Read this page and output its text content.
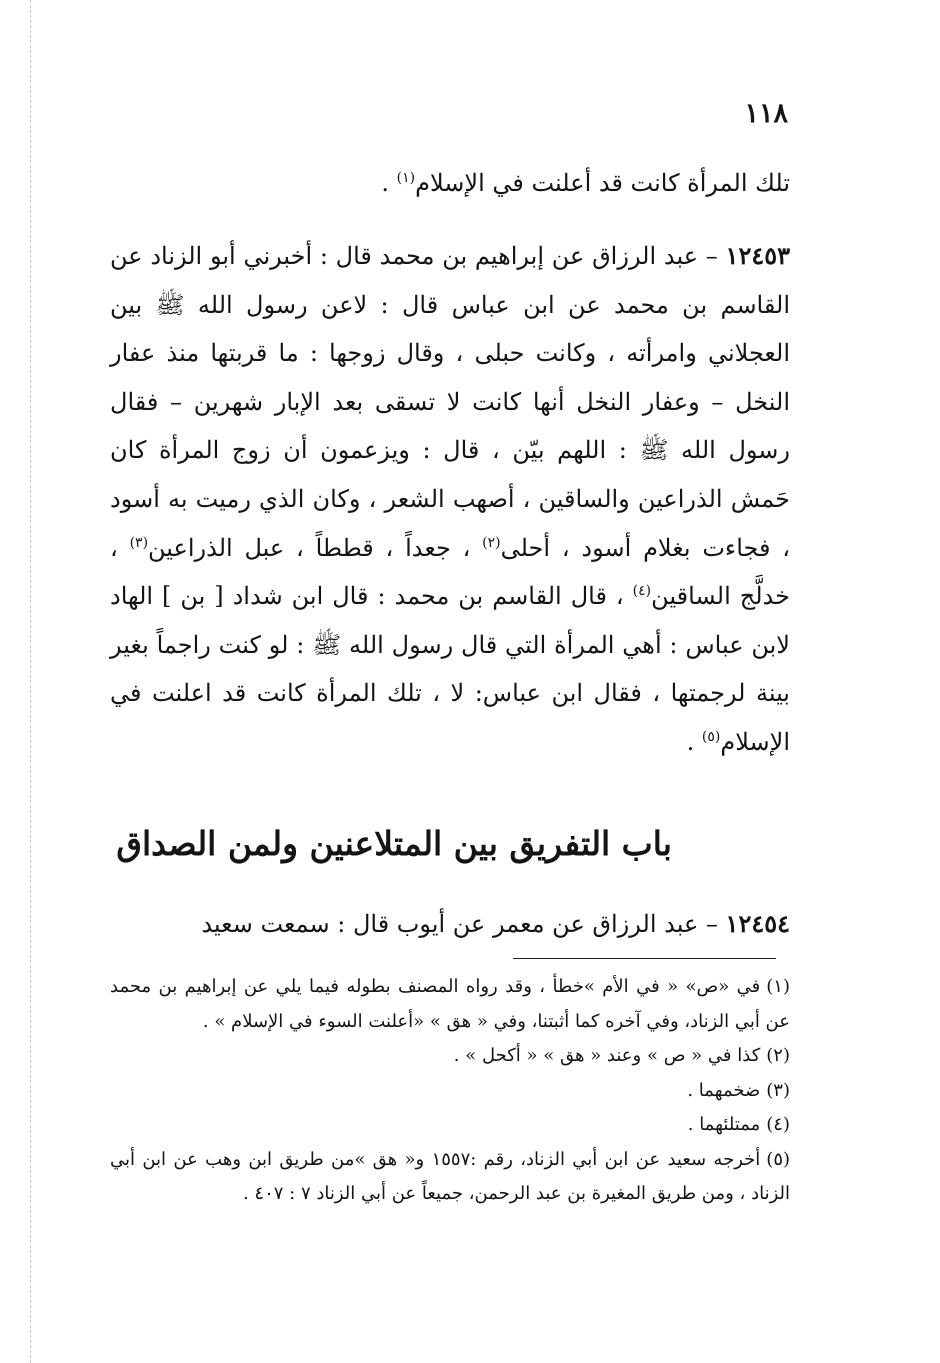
١١٨
تلك المرأة كانت قد أعلنت في الإسلام$^{(١)}$ .
١٢٤٥٣ – عبد الرزاق عن إبراهيم بن محمد قال : أخبرني أبو الزناد عن القاسم بن محمد عن ابن عباس قال : لاعن رسول الله ﷺ بين العجلاني وامرأته ، وكانت حبلى ، وقال زوجها : ما قربتها منذ عفار النخل – وعفار النخل أنها كانت لا تسقى بعد الإبار شهرين – فقال رسول الله ﷺ : اللهم بيّن ، قال : ويزعمون أن زوج المرأة كان حَمش الذراعين والساقين ، أصهب الشعر ، وكان الذي رميت به أسود ، فجاءت بغلام أسود ، أحلى$^{(٢)}$ ، جعداً ، قططاً ، عبل الذراعين$^{(٣)}$ ، خدلَّج الساقين$^{(٤)}$ ، قال القاسم بن محمد : قال ابن شداد [ بن ] الهاد لابن عباس : أهي المرأة التي قال رسول الله ﷺ : لو كنت راجماً بغير بينة لرجمتها ، فقال ابن عباس: لا ، تلك المرأة كانت قد اعلنت في الإسلام$^{(٥)}$ .
باب التفريق بين المتلاعنين ولمن الصداق
١٢٤٥٤ – عبد الرزاق عن معمر عن أيوب قال : سمعت سعيد

(١)في «ص» « في الأم »خطأ ، وقد رواه المصنف بطوله فيما يلي عن إبراهيم بن محمد عن أبي الزناد، وفي آخره كما أثبتنا، وفي « هق » «أعلنت السوء في الإسلام » .

(٢)كذا في « ص » وعند « هق » « أكحل » .

(٣)ضخمهما .

(٤)ممتلئهما .

(٥)أخرجه سعيد عن ابن أبي الزناد، رقم :١٥٥٧ و« هق »من طريق ابن وهب عن ابن أبي الزناد ، ومن طريق المغيرة بن عبد الرحمن، جميعاً عن أبي الزناد ٧ : ٤٠٧ .
